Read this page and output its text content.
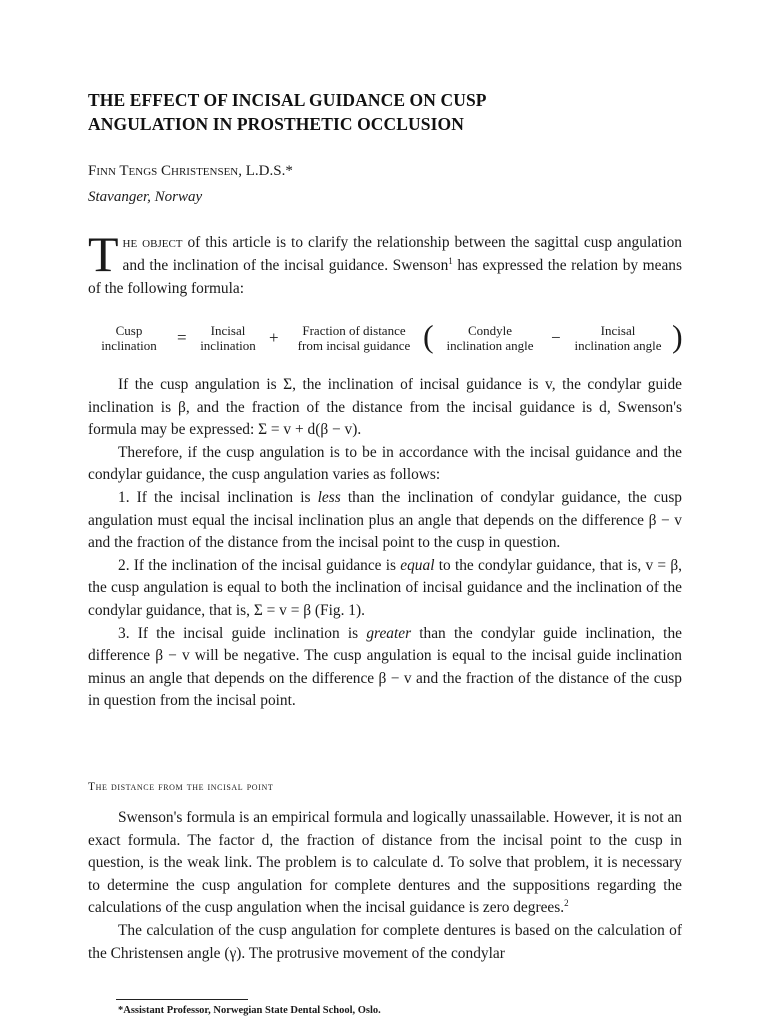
THE EFFECT OF INCISAL GUIDANCE ON CUSP
ANGULATION IN PROSTHETIC OCCLUSION
Finn Tengs Christensen, L.D.S.*
Stavanger, Norway
The object of this article is to clarify the relationship between the sagittal cusp angulation and the inclination of the incisal guidance. Swenson$^1$ has expressed the relation by means of the following formula:
Cusp
inclination	=	Incisal
inclination +	Fraction of distance
from incisal guidance (	Condyle
inclination angle	−	Incisal
inclination angle )

If the cusp angulation is Σ, the inclination of incisal guidance is v, the condylar guide inclination is β, and the fraction of the distance from the incisal guidance is d, Swenson's formula may be expressed: Σ = v + d(β − v).

Therefore, if the cusp angulation is to be in accordance with the incisal guidance and the condylar guidance, the cusp angulation varies as follows:

1. If the incisal inclination is less than the inclination of condylar guidance, the cusp angulation must equal the incisal inclination plus an angle that depends on the difference β − v and the fraction of the distance from the incisal point to the cusp in question.

2. If the inclination of the incisal guidance is equal to the condylar guidance, that is, v = β, the cusp angulation is equal to both the inclination of incisal guidance and the inclination of the condylar guidance, that is, Σ = v = β (Fig. 1).

3. If the incisal guide inclination is greater than the condylar guide inclination, the difference β − v will be negative. The cusp angulation is equal to the incisal guide inclination minus an angle that depends on the difference β − v and the fraction of the distance of the cusp in question from the incisal point.

The distance from the incisal point

Swenson's formula is an empirical formula and logically unassailable. However, it is not an exact formula. The factor d, the fraction of distance from the incisal point to the cusp in question, is the weak link. The problem is to calculate d. To solve that problem, it is necessary to determine the cusp angulation for complete dentures and the suppositions regarding the calculations of the cusp angulation when the incisal guidance is zero degrees.$^2$

The calculation of the cusp angulation for complete dentures is based on the calculation of the Christensen angle (γ). The protrusive movement of the condylar

*Assistant Professor, Norwegian State Dental School, Oslo.
